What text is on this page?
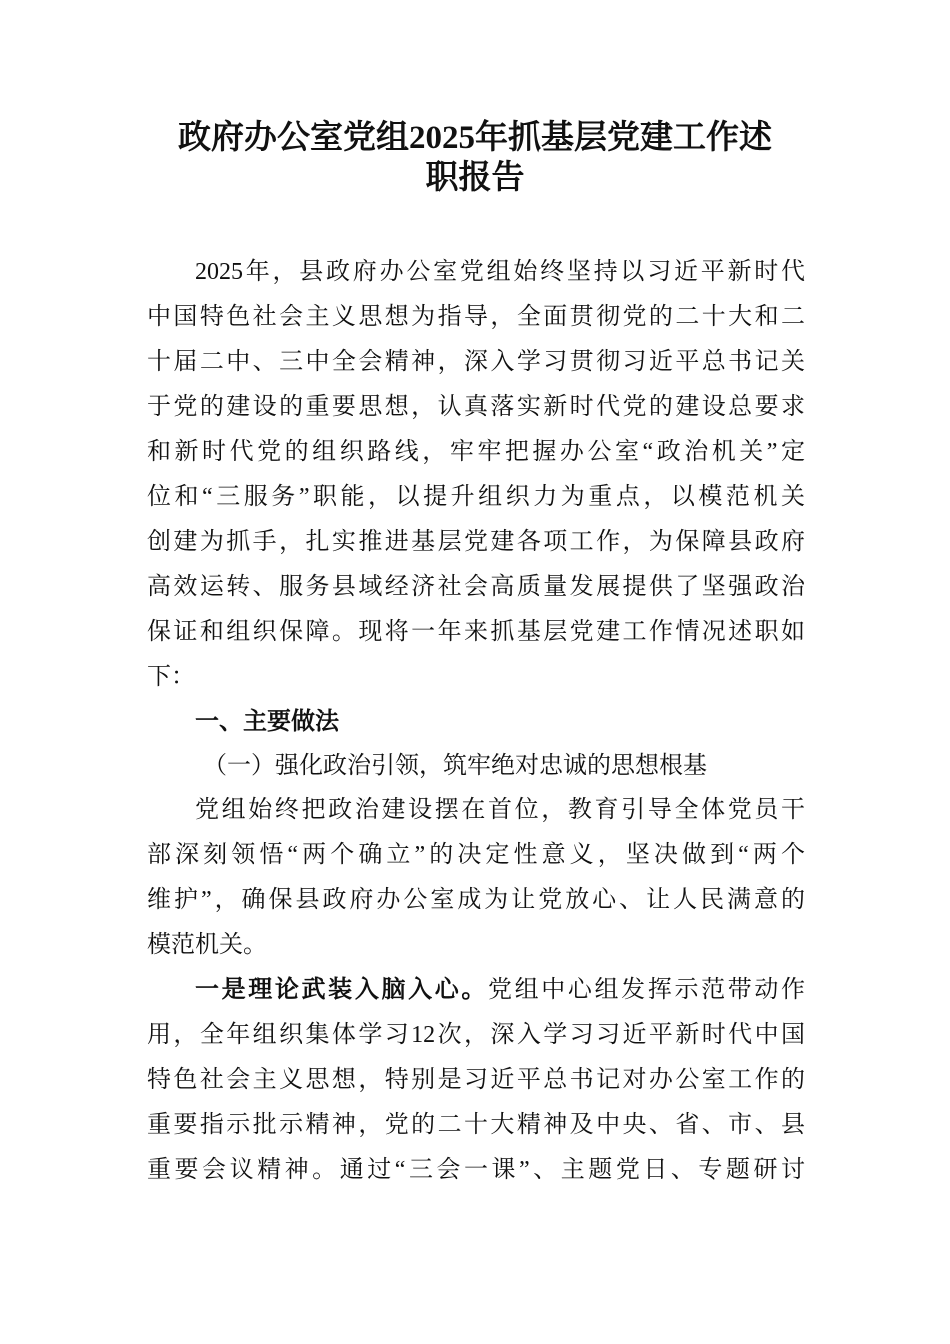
政府办公室党组2025年抓基层党建工作述
职报告
2025年，县政府办公室党组始终坚持以习近平新时代
中国特色社会主义思想为指导，全面贯彻党的二十大和二
十届二中、三中全会精神，深入学习贯彻习近平总书记关
于党的建设的重要思想，认真落实新时代党的建设总要求
和新时代党的组织路线，牢牢把握办公室“政治机关”定
位和“三服务”职能，以提升组织力为重点，以模范机关
创建为抓手，扎实推进基层党建各项工作，为保障县政府
高效运转、服务县域经济社会高质量发展提供了坚强政治
保证和组织保障。现将一年来抓基层党建工作情况述职如
下：
一、主要做法
（一）强化政治引领，筑牢绝对忠诚的思想根基
党组始终把政治建设摆在首位，教育引导全体党员干
部深刻领悟“两个确立”的决定性意义，坚决做到“两个
维护”，确保县政府办公室成为让党放心、让人民满意的
模范机关。
一是理论武装入脑入心。党组中心组发挥示范带动作
用，全年组织集体学习12次，深入学习习近平新时代中国
特色社会主义思想，特别是习近平总书记对办公室工作的
重要指示批示精神，党的二十大精神及中央、省、市、县
重要会议精神。通过“三会一课”、主题党日、专题研讨
